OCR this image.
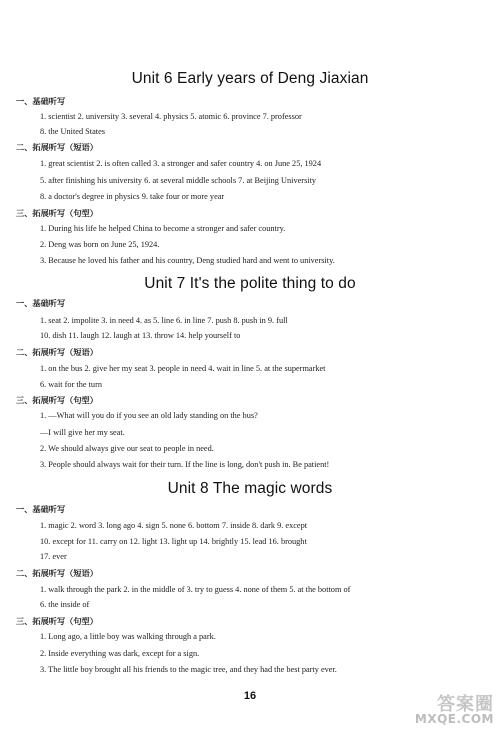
Unit 6 Early years of Deng Jiaxian
一、基础听写
1. scientist 2. university 3. several 4. physics 5. atomic 6. province 7. professor
8. the United States
二、拓展听写（短语）
1. great scientist 2. is often called 3. a stronger and safer country 4. on June 25, 1924
5. after finishing his university 6. at several middle schools 7. at Beijing University
8. a doctor's degree in physics 9. take four or more year
三、拓展听写（句型）
1. During his life he helped China to become a stronger and safer country.
2. Deng was born on June 25, 1924.
3. Because he loved his father and his country, Deng studied hard and went to university.
Unit 7 It's the polite thing to do
一、基础听写
1. seat 2. impolite 3. in need 4. as 5. line 6. in line 7. push 8. push in 9. full
10. dish 11. laugh 12. laugh at 13. throw 14. help yourself to
二、拓展听写（短语）
1. on the bus 2. give her my seat 3. people in need 4. wait in line 5. at the supermarket
6. wait for the turn
三、拓展听写（句型）
1. —What will you do if you see an old lady standing on the bus?
—I will give her my seat.
2. We should always give our seat to people in need.
3. People should always wait for their turn. If the line is long, don't push in. Be patient!
Unit 8 The magic words
一、基础听写
1. magic 2. word 3. long ago 4. sign 5. none 6. bottom 7. inside 8. dark 9. except
10. except for 11. carry on 12. light 13. light up 14. brightly 15. lead 16. brought
17. ever
二、拓展听写（短语）
1. walk through the park 2. in the middle of 3. try to guess 4. none of them 5. at the bottom of
6. the inside of
三、拓展听写（句型）
1. Long ago, a little boy was walking through a park.
2. Inside everything was dark, except for a sign.
3. The little boy brought all his friends to the magic tree, and they had the best party ever.
16	答案圈
MXQE.COM
